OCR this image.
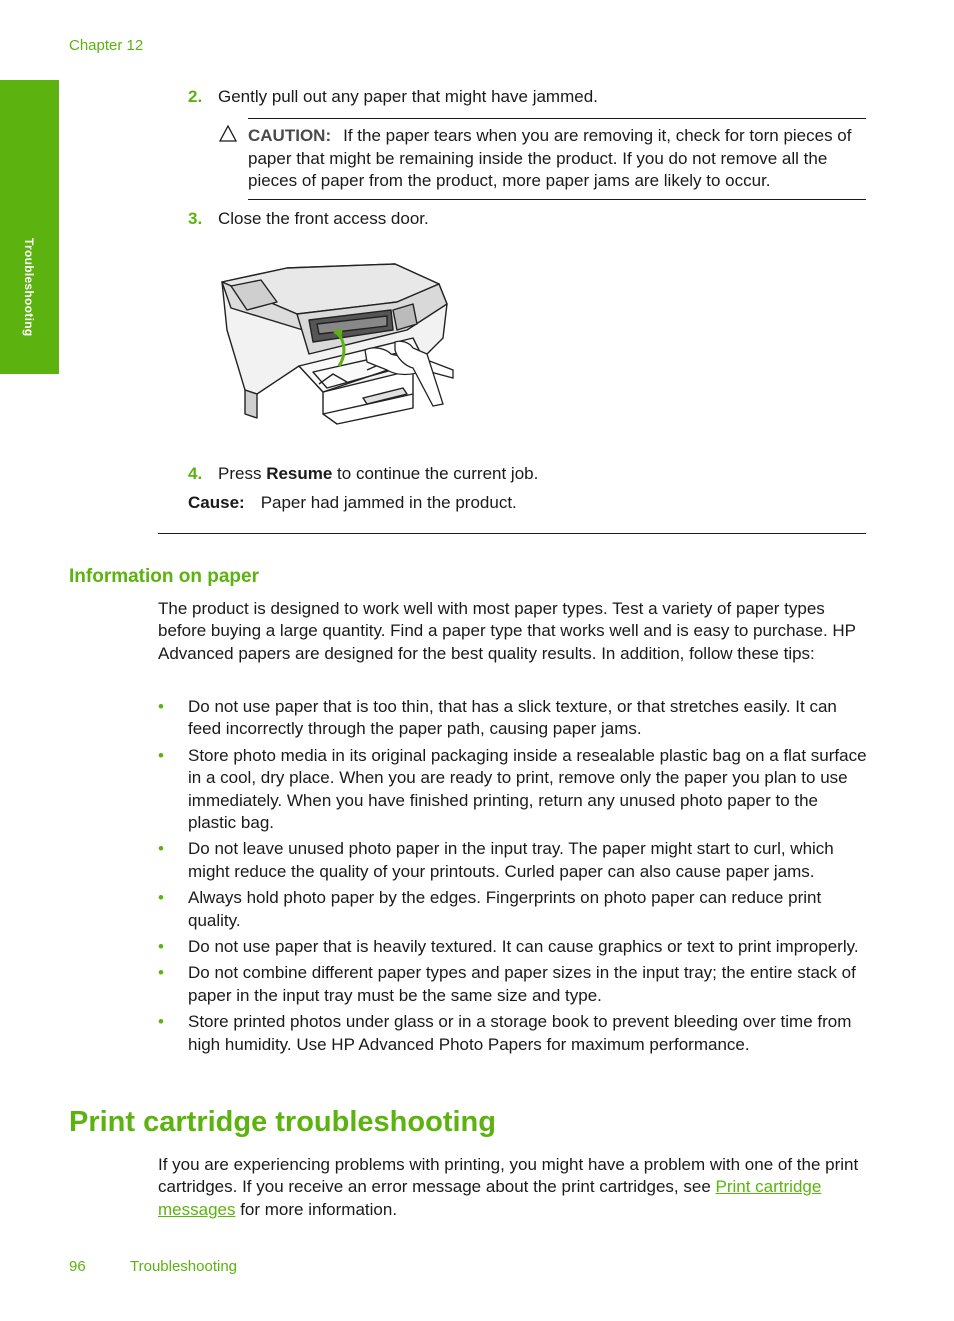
Chapter 12
Troubleshooting
2. Gently pull out any paper that might have jammed.
CAUTION: If the paper tears when you are removing it, check for torn pieces of paper that might be remaining inside the product. If you do not remove all the pieces of paper from the product, more paper jams are likely to occur.
3. Close the front access door.
4. Press Resume to continue the current job.
Cause: Paper had jammed in the product.
Information on paper
The product is designed to work well with most paper types. Test a variety of paper types before buying a large quantity. Find a paper type that works well and is easy to purchase. HP Advanced papers are designed for the best quality results. In addition, follow these tips:
• Do not use paper that is too thin, that has a slick texture, or that stretches easily. It can feed incorrectly through the paper path, causing paper jams.
• Store photo media in its original packaging inside a resealable plastic bag on a flat surface in a cool, dry place. When you are ready to print, remove only the paper you plan to use immediately. When you have finished printing, return any unused photo paper to the plastic bag.
• Do not leave unused photo paper in the input tray. The paper might start to curl, which might reduce the quality of your printouts. Curled paper can also cause paper jams.
• Always hold photo paper by the edges. Fingerprints on photo paper can reduce print quality.
• Do not use paper that is heavily textured. It can cause graphics or text to print improperly.
• Do not combine different paper types and paper sizes in the input tray; the entire stack of paper in the input tray must be the same size and type.
• Store printed photos under glass or in a storage book to prevent bleeding over time from high humidity. Use HP Advanced Photo Papers for maximum performance.
Print cartridge troubleshooting
If you are experiencing problems with printing, you might have a problem with one of the print cartridges. If you receive an error message about the print cartridges, see Print cartridge messages for more information.
96	Troubleshooting
